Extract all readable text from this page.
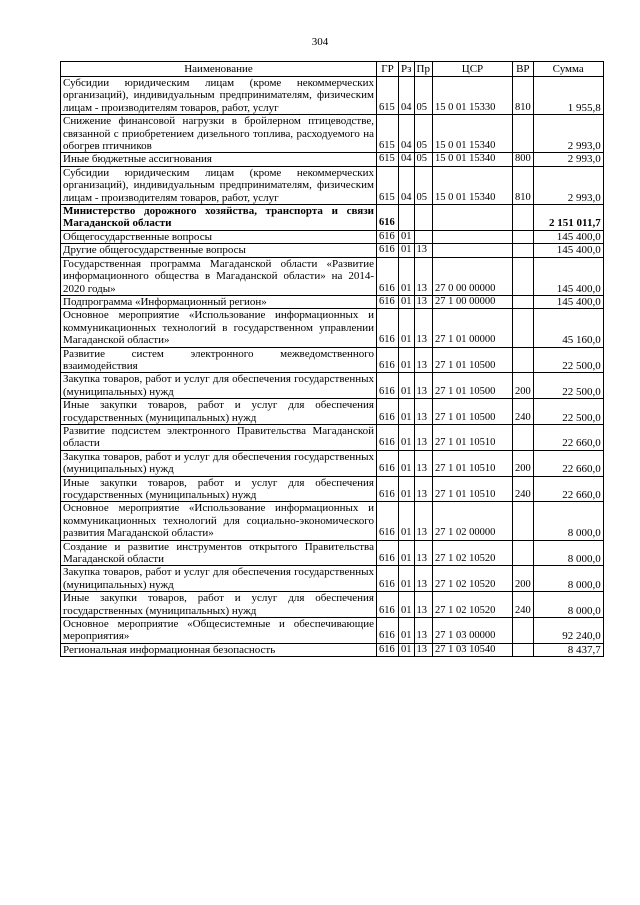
304
Наименование	ГР	Рз	Пр	ЦСР	ВР	Сумма
Субсидии юридическим лицам (кроме некоммерческих организаций), индивидуальным предпринимателям, физическим лицам - производителям товаров, работ, услуг	615	04	05	15 0 01 15330	810	1 955,8
Снижение финансовой нагрузки в бройлерном птицеводстве, связанной с приобретением дизельного топлива, расходуемого на обогрев птичников	615	04	05	15 0 01 15340		2 993,0
Иные бюджетные ассигнования	615	04	05	15 0 01 15340	800	2 993,0
Субсидии юридическим лицам (кроме некоммерческих организаций), индивидуальным предпринимателям, физическим лицам - производителям товаров, работ, услуг	615	04	05	15 0 01 15340	810	2 993,0
Министерство дорожного хозяйства, транспорта и связи Магаданской области	616					2 151 011,7
Общегосударственные вопросы	616	01				145 400,0
Другие общегосударственные вопросы	616	01	13			145 400,0
Государственная программа Магаданской области «Развитие информационного общества в Магаданской области» на 2014-2020 годы»	616	01	13	27 0 00 00000		145 400,0
Подпрограмма «Информационный регион»	616	01	13	27 1 00 00000		145 400,0
Основное мероприятие «Использование информационных и коммуникационных технологий в государственном управлении Магаданской области»	616	01	13	27 1 01 00000		45 160,0
Развитие систем электронного межведомственного взаимодействия	616	01	13	27 1 01 10500		22 500,0
Закупка товаров, работ и услуг для обеспечения государственных (муниципальных) нужд	616	01	13	27 1 01 10500	200	22 500,0
Иные закупки товаров, работ и услуг для обеспечения государственных (муниципальных) нужд	616	01	13	27 1 01 10500	240	22 500,0
Развитие подсистем электронного Правительства Магаданской области	616	01	13	27 1 01 10510		22 660,0
Закупка товаров, работ и услуг для обеспечения государственных (муниципальных) нужд	616	01	13	27 1 01 10510	200	22 660,0
Иные закупки товаров, работ и услуг для обеспечения государственных (муниципальных) нужд	616	01	13	27 1 01 10510	240	22 660,0
Основное мероприятие «Использование информационных и коммуникационных технологий для социально-экономического развития Магаданской области»	616	01	13	27 1 02 00000		8 000,0
Создание и развитие инструментов открытого Правительства Магаданской области	616	01	13	27 1 02 10520		8 000,0
Закупка товаров, работ и услуг для обеспечения государственных (муниципальных) нужд	616	01	13	27 1 02 10520	200	8 000,0
Иные закупки товаров, работ и услуг для обеспечения государственных (муниципальных) нужд	616	01	13	27 1 02 10520	240	8 000,0
Основное мероприятие «Общесистемные и обеспечивающие мероприятия»	616	01	13	27 1 03 00000		92 240,0
Региональная информационная безопасность	616	01	13	27 1 03 10540		8 437,7
